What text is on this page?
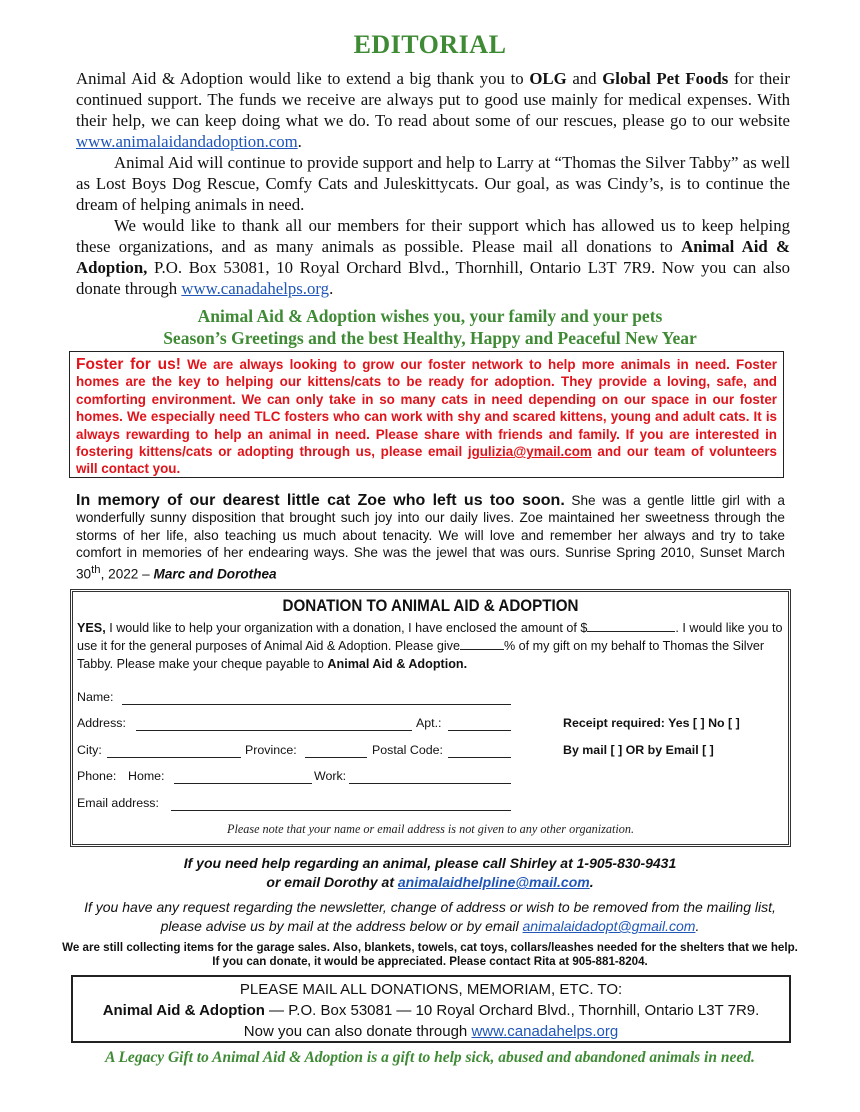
EDITORIAL

Animal Aid & Adoption would like to extend a big thank you to OLG and Global Pet Foods for their continued support. The funds we receive are always put to good use mainly for medical expenses. With their help, we can keep doing what we do. To read about some of our rescues, please go to our website www.animalaidandadoption.com.

Animal Aid will continue to provide support and help to Larry at “Thomas the Silver Tabby” as well as Lost Boys Dog Rescue, Comfy Cats and Juleskittycats. Our goal, as was Cindy’s, is to continue the dream of helping animals in need.

We would like to thank all our members for their support which has allowed us to keep helping these organizations, and as many animals as possible. Please mail all donations to Animal Aid & Adoption, P.O. Box 53081, 10 Royal Orchard Blvd., Thornhill, Ontario L3T 7R9. Now you can also donate through www.canadahelps.org.

Animal Aid & Adoption wishes you, your family and your pets
Season’s Greetings and the best Healthy, Happy and Peaceful New Year
Foster for us! We are always looking to grow our foster network to help more animals in need. Foster homes are the key to helping our kittens/cats to be ready for adoption. They provide a loving, safe, and comforting environment. We can only take in so many cats in need depending on our space in our foster homes. We especially need TLC fosters who can work with shy and scared kittens, young and adult cats. It is always rewarding to help an animal in need. Please share with friends and family. If you are interested in fostering kittens/cats or adopting through us, please email jgulizia@ymail.com and our team of volunteers will contact you.
In memory of our dearest little cat Zoe who left us too soon. She was a gentle little girl with a wonderfully sunny disposition that brought such joy into our daily lives. Zoe maintained her sweetness through the storms of her life, also teaching us much about tenacity. We will love and remember her always and try to take comfort in memories of her endearing ways. She was the jewel that was ours. Sunrise Spring 2010, Sunset March 30th, 2022 – Marc and Dorothea
DONATION TO ANIMAL AID & ADOPTION
YES, I would like to help your organization with a donation, I have enclosed the amount of $	. I would like you to use it for the general purposes of Animal Aid & Adoption. Please give	% of my gift on my behalf to Thomas the Silver Tabby. Please make your cheque payable to Animal Aid & Adoption.
Name:
Address:	Apt.:
City:	Province:	Postal Code:
Phone: Home:	Work:
Email address:
Receipt required: Yes [ ] No [ ]
By mail [ ] OR by Email [ ]
Please note that your name or email address is not given to any other organization.
If you need help regarding an animal, please call Shirley at 1-905-830-9431
or email Dorothy at animalaidhelpline@mail.com.
If you have any request regarding the newsletter, change of address or wish to be removed from the mailing list,
please advise us by mail at the address below or by email animalaidadopt@gmail.com.
We are still collecting items for the garage sales. Also, blankets, towels, cat toys, collars/leashes needed for the shelters that we help. If you can donate, it would be appreciated. Please contact Rita at 905-881-8204.
PLEASE MAIL ALL DONATIONS, MEMORIAM, ETC. TO:
Animal Aid & Adoption — P.O. Box 53081 — 10 Royal Orchard Blvd., Thornhill, Ontario L3T 7R9.
Now you can also donate through www.canadahelps.org
A Legacy Gift to Animal Aid & Adoption is a gift to help sick, abused and abandoned animals in need.
